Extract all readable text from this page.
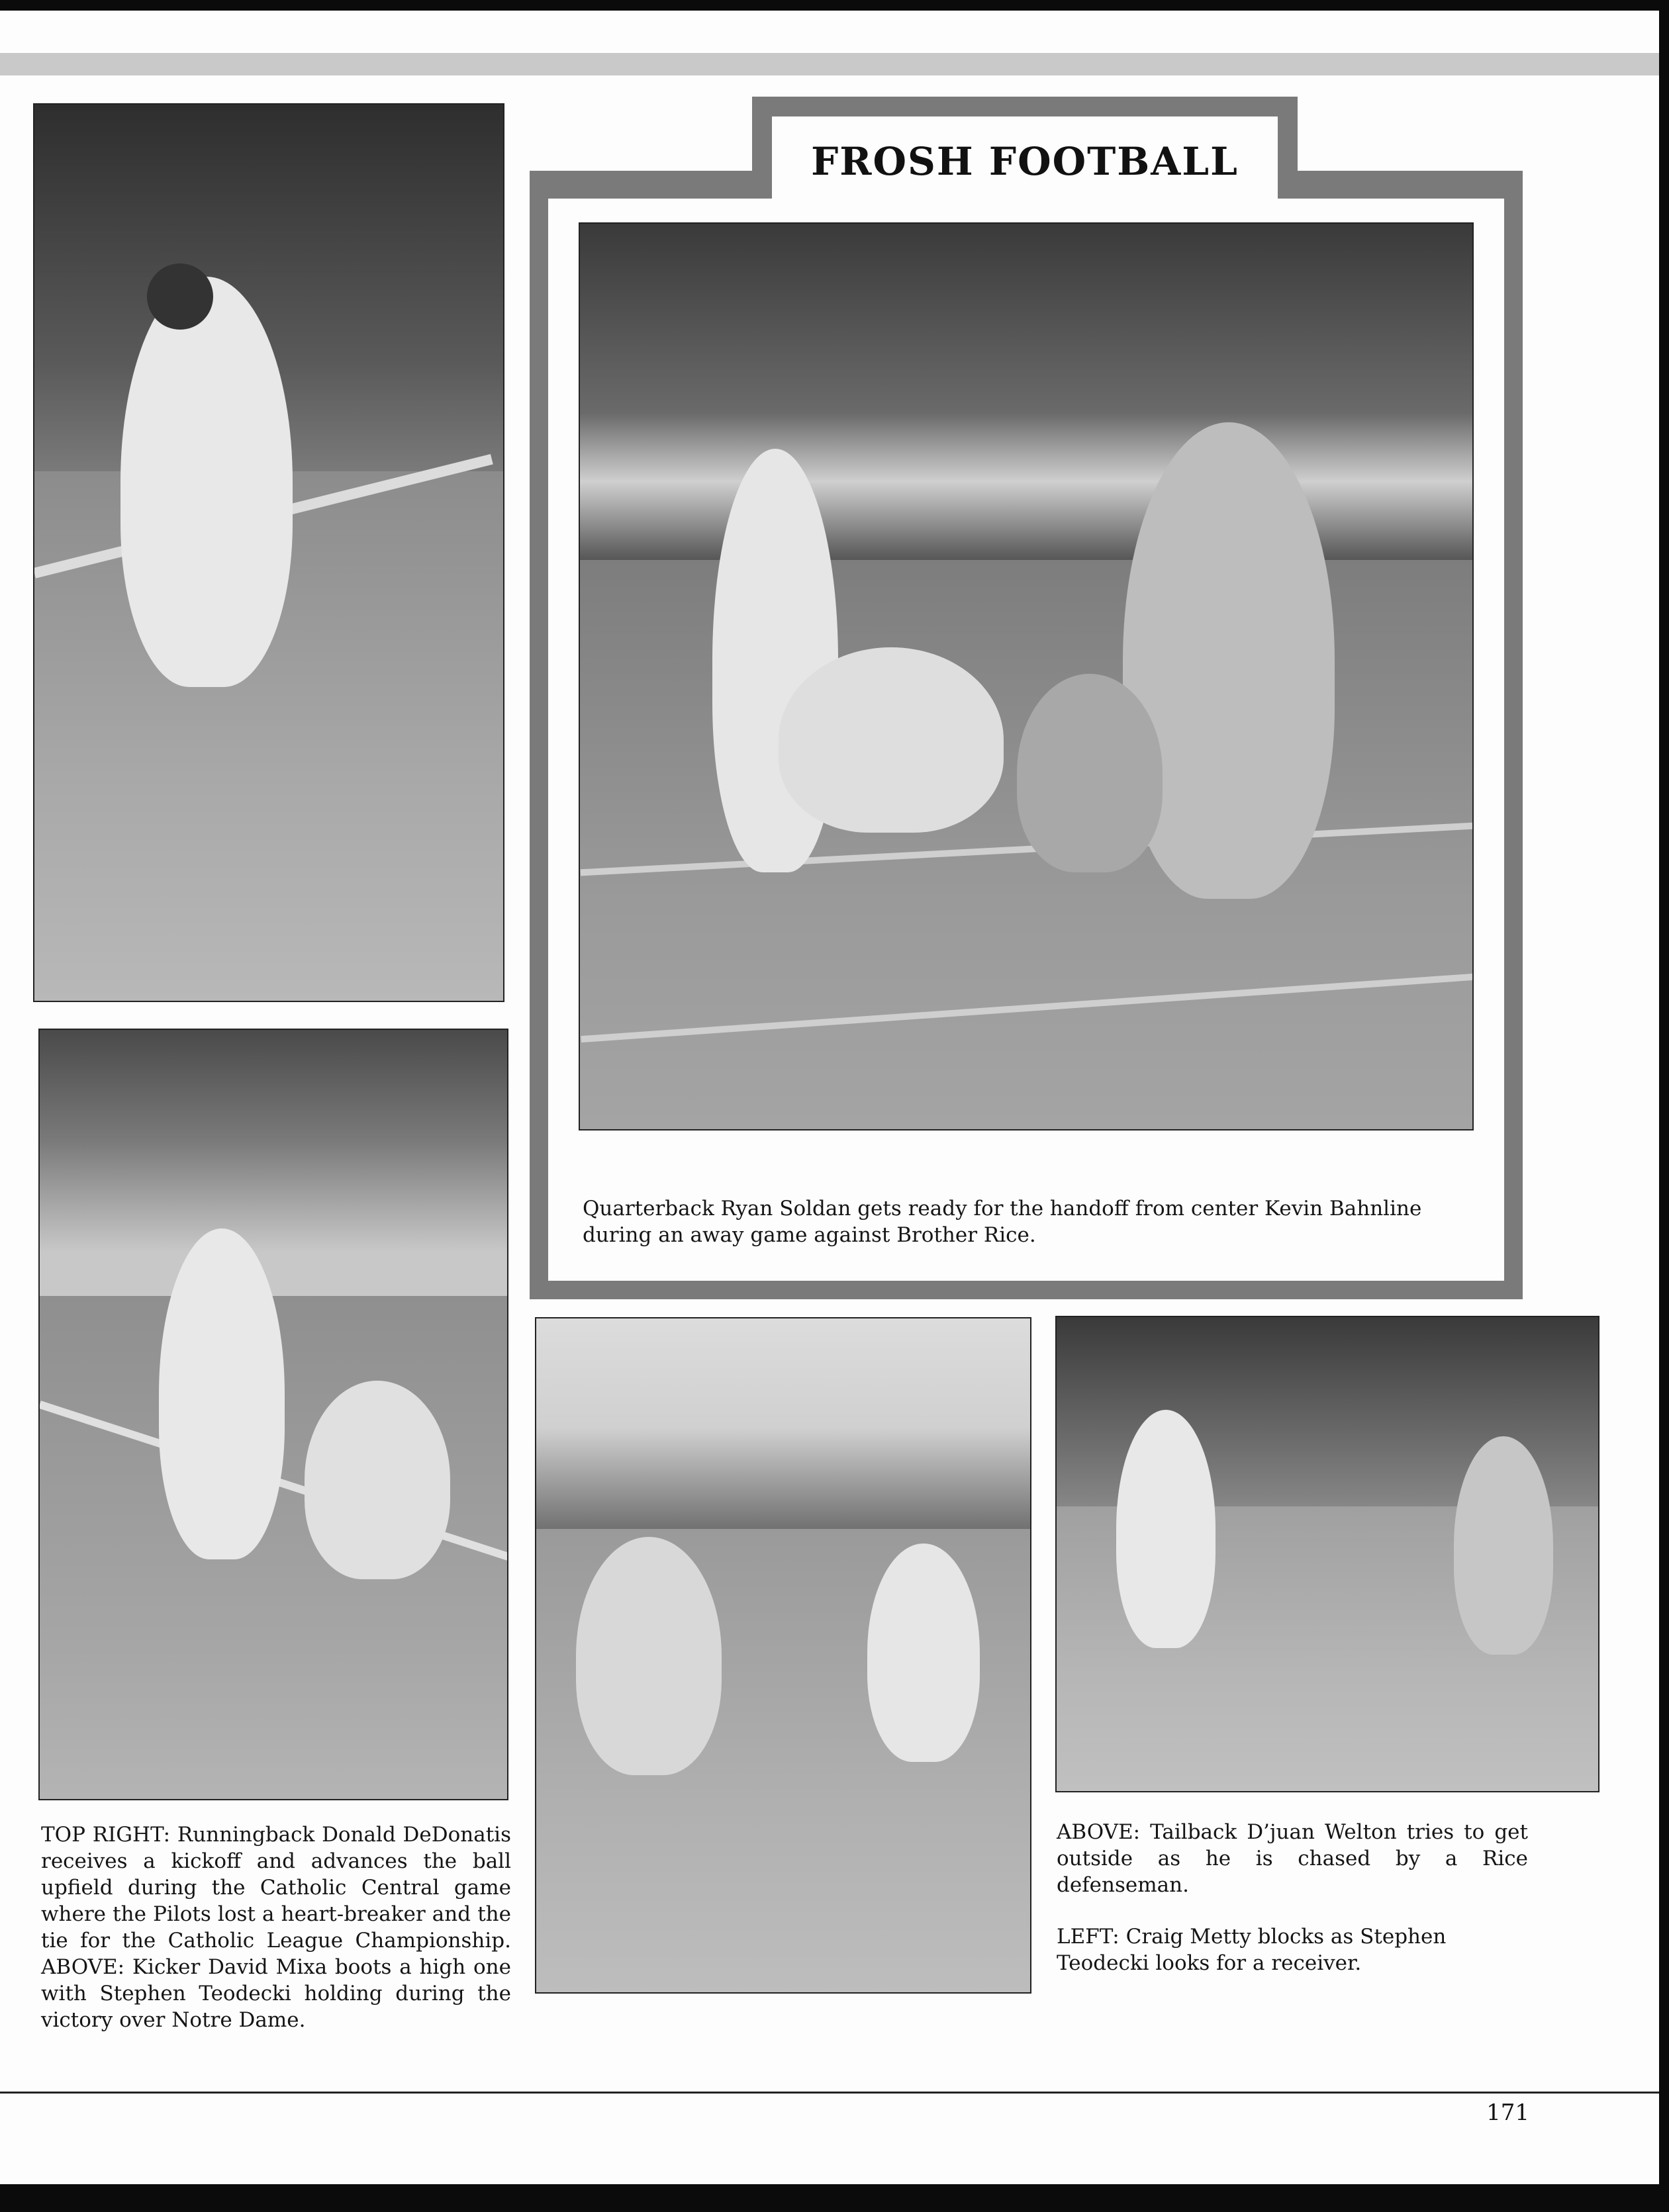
FROSH FOOTBALL
Quarterback Ryan Soldan gets ready for the handoff from center Kevin Bahnline during an away game against Brother Rice.
TOP RIGHT: Runningback Donald DeDonatis receives a kickoff and advances the ball upfield during the Catholic Central game where the Pilots lost a heart-breaker and the tie for the Catholic League Championship. ABOVE: Kicker David Mixa boots a high one with Stephen Teodecki holding during the victory over Notre Dame.

ABOVE: Tailback D’juan Welton tries to get outside as he is chased by a Rice defenseman.

LEFT: Craig Metty blocks as Stephen Teodecki looks for a receiver.

171
